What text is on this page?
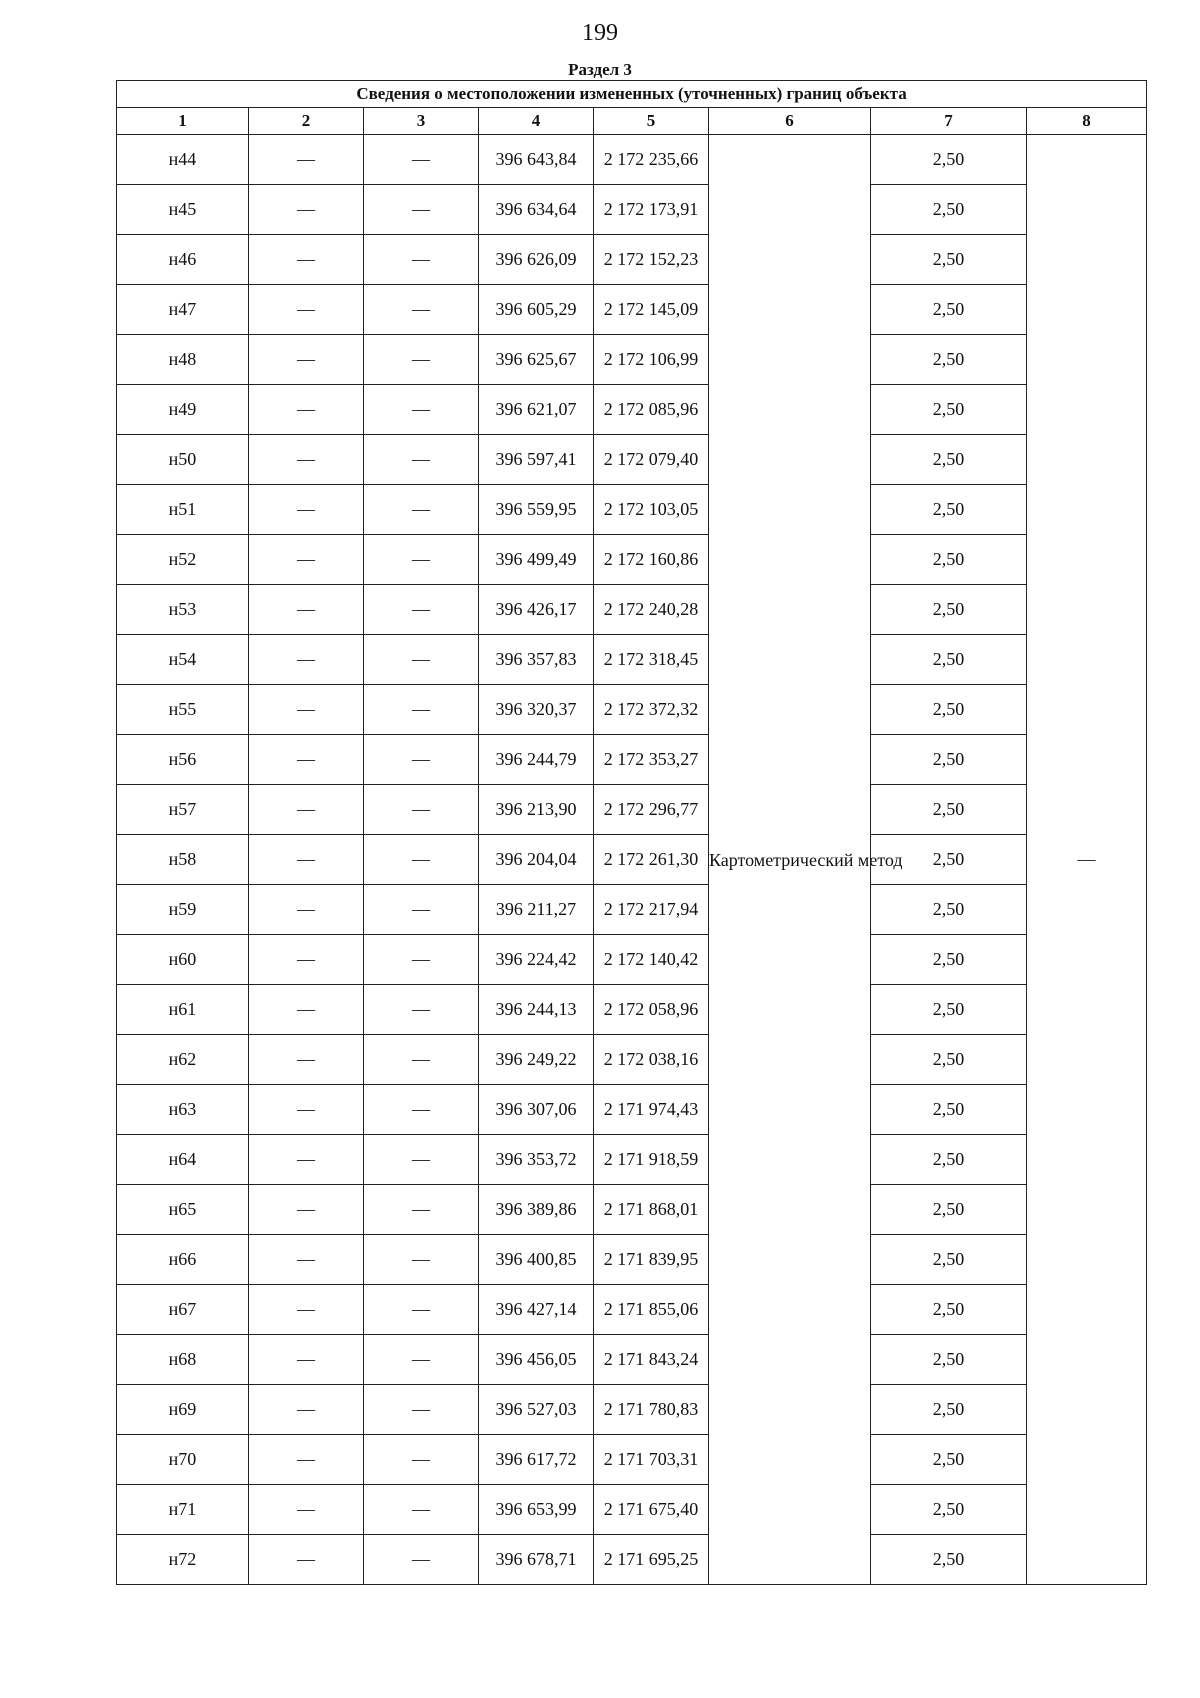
199
Раздел 3
Сведения о местоположении измененных (уточненных) границ объекта							
1	2	3	4	5	6	7	8
н44	—	—	396 643,84	2 172 235,66	Картометрический метод	2,50	—
н45	—	—	396 634,64	2 172 173,91		2,50	
н46	—	—	396 626,09	2 172 152,23		2,50	
н47	—	—	396 605,29	2 172 145,09		2,50	
н48	—	—	396 625,67	2 172 106,99		2,50	
н49	—	—	396 621,07	2 172 085,96		2,50	
н50	—	—	396 597,41	2 172 079,40		2,50	
н51	—	—	396 559,95	2 172 103,05		2,50	
н52	—	—	396 499,49	2 172 160,86		2,50	
н53	—	—	396 426,17	2 172 240,28		2,50	
н54	—	—	396 357,83	2 172 318,45		2,50	
н55	—	—	396 320,37	2 172 372,32		2,50	
н56	—	—	396 244,79	2 172 353,27		2,50	
н57	—	—	396 213,90	2 172 296,77		2,50	
н58	—	—	396 204,04	2 172 261,30		2,50	
н59	—	—	396 211,27	2 172 217,94		2,50	
н60	—	—	396 224,42	2 172 140,42		2,50	
н61	—	—	396 244,13	2 172 058,96		2,50	
н62	—	—	396 249,22	2 172 038,16		2,50	
н63	—	—	396 307,06	2 171 974,43		2,50	
н64	—	—	396 353,72	2 171 918,59		2,50	
н65	—	—	396 389,86	2 171 868,01		2,50	
н66	—	—	396 400,85	2 171 839,95		2,50	
н67	—	—	396 427,14	2 171 855,06		2,50	
н68	—	—	396 456,05	2 171 843,24		2,50	
н69	—	—	396 527,03	2 171 780,83		2,50	
н70	—	—	396 617,72	2 171 703,31		2,50	
н71	—	—	396 653,99	2 171 675,40		2,50	
н72	—	—	396 678,71	2 171 695,25		2,50	
